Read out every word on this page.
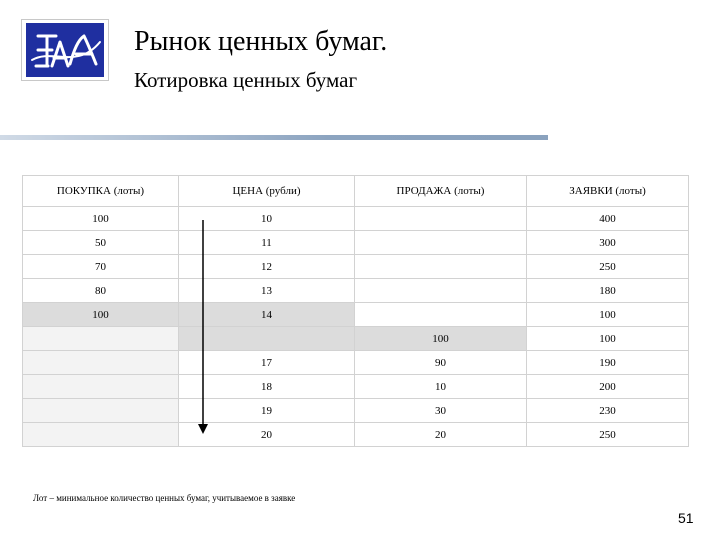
Рынок ценных бумаг.
Котировка ценных бумаг
ПОКУПКА (лоты)	ЦЕНА (рубли)	ПРОДАЖА (лоты)	ЗАЯВКИ (лоты)
100	10		400
50	11		300
70	12		250
80	13		180
100	14		100
		100	100
	17	90	190
	18	10	200
	19	30	230
	20	20	250
Лот – минимальное количество ценных бумаг, учитываемое в заявке
51
